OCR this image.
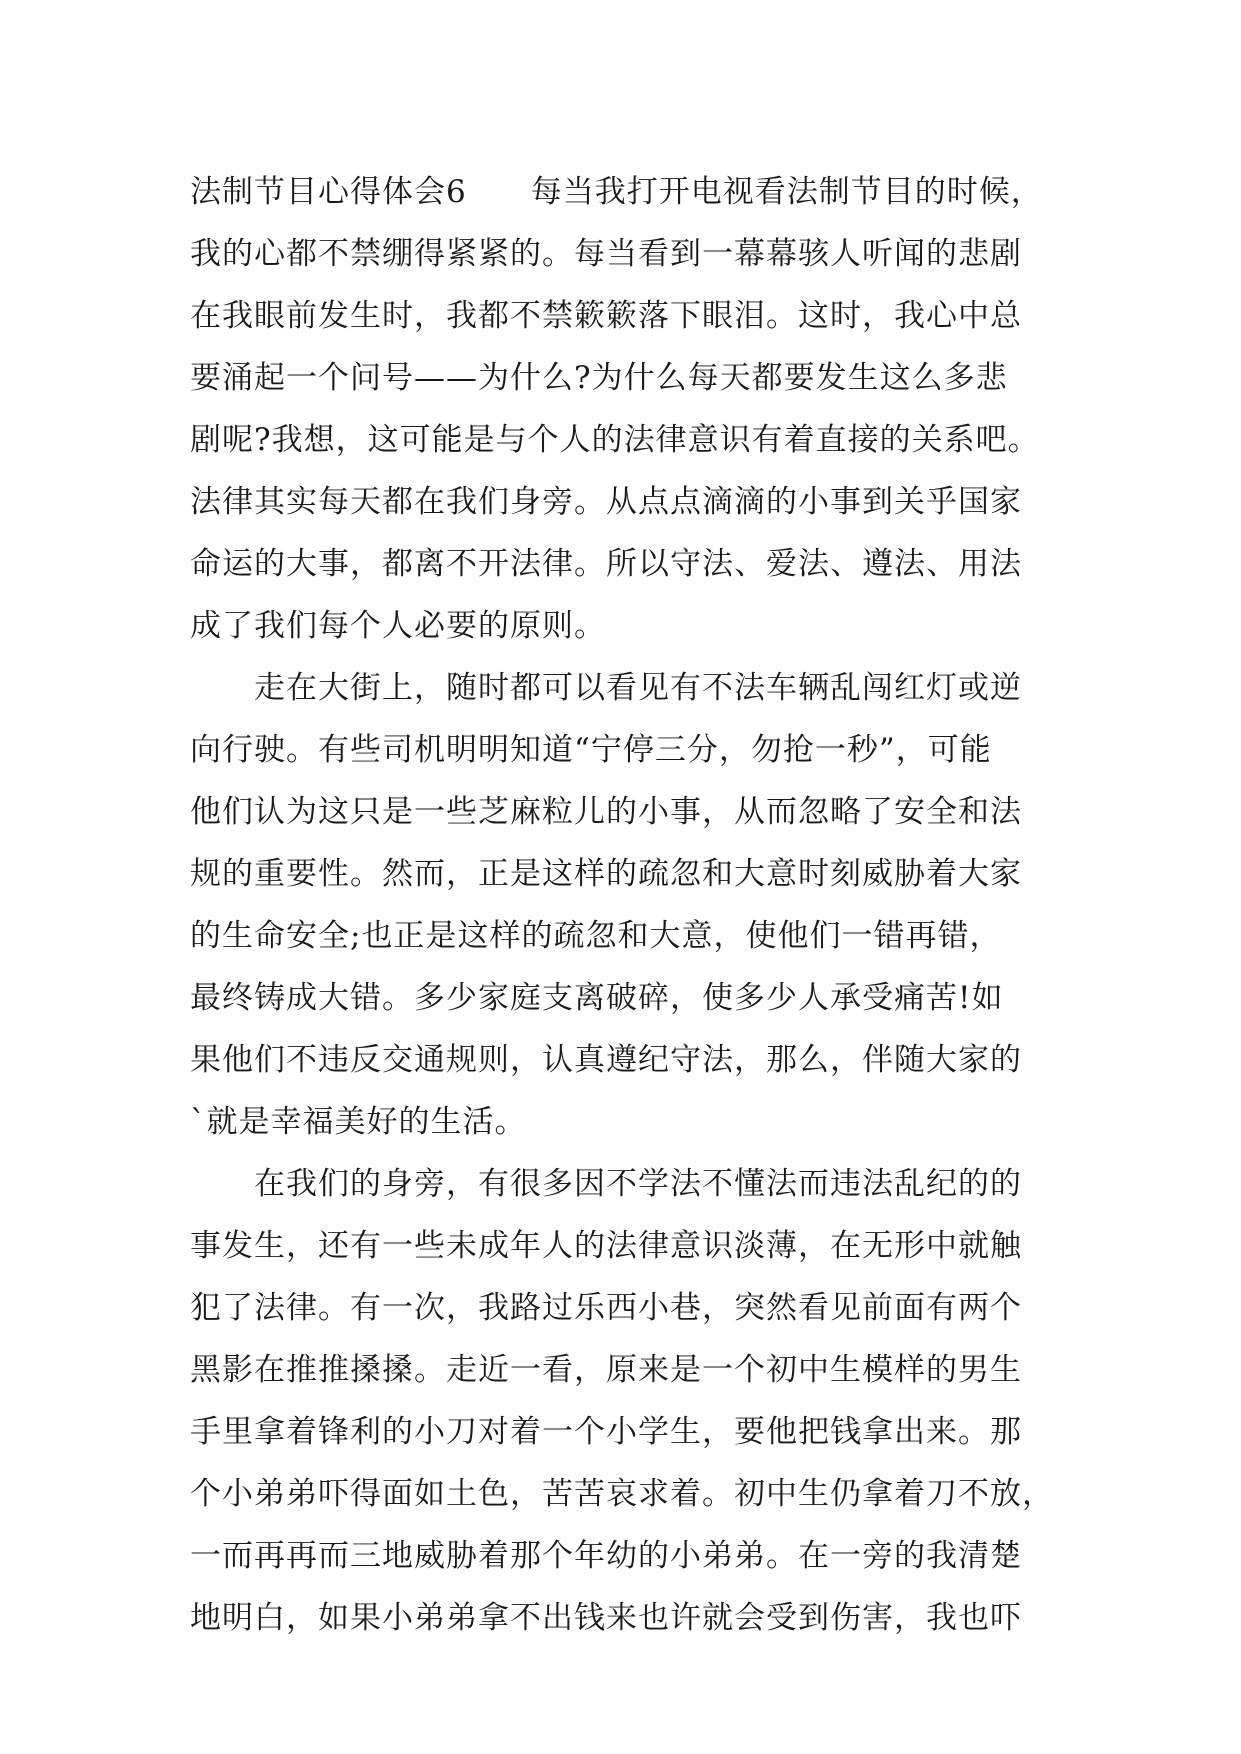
法制节目心得体会6　　每当我打开电视看法制节目的时候，
我的心都不禁绷得紧紧的。每当看到一幕幕骇人听闻的悲剧
在我眼前发生时，我都不禁簌簌落下眼泪。这时，我心中总
要涌起一个问号——为什么?为什么每天都要发生这么多悲
剧呢?我想，这可能是与个人的法律意识有着直接的关系吧。
法律其实每天都在我们身旁。从点点滴滴的小事到关乎国家
命运的大事，都离不开法律。所以守法、爱法、遵法、用法
成了我们每个人必要的原则。
走在大街上，随时都可以看见有不法车辆乱闯红灯或逆
向行驶。有些司机明明知道“宁停三分，勿抢一秒”，可能
他们认为这只是一些芝麻粒儿的小事，从而忽略了安全和法
规的重要性。然而，正是这样的疏忽和大意时刻威胁着大家
的生命安全;也正是这样的疏忽和大意，使他们一错再错，
最终铸成大错。多少家庭支离破碎，使多少人承受痛苦!如
果他们不违反交通规则，认真遵纪守法，那么，伴随大家的
`就是幸福美好的生活。
在我们的身旁，有很多因不学法不懂法而违法乱纪的的
事发生，还有一些未成年人的法律意识淡薄，在无形中就触
犯了法律。有一次，我路过乐西小巷，突然看见前面有两个
黑影在推推搡搡。走近一看，原来是一个初中生模样的男生
手里拿着锋利的小刀对着一个小学生，要他把钱拿出来。那
个小弟弟吓得面如土色，苦苦哀求着。初中生仍拿着刀不放，
一而再再而三地威胁着那个年幼的小弟弟。在一旁的我清楚
地明白，如果小弟弟拿不出钱来也许就会受到伤害，我也吓
